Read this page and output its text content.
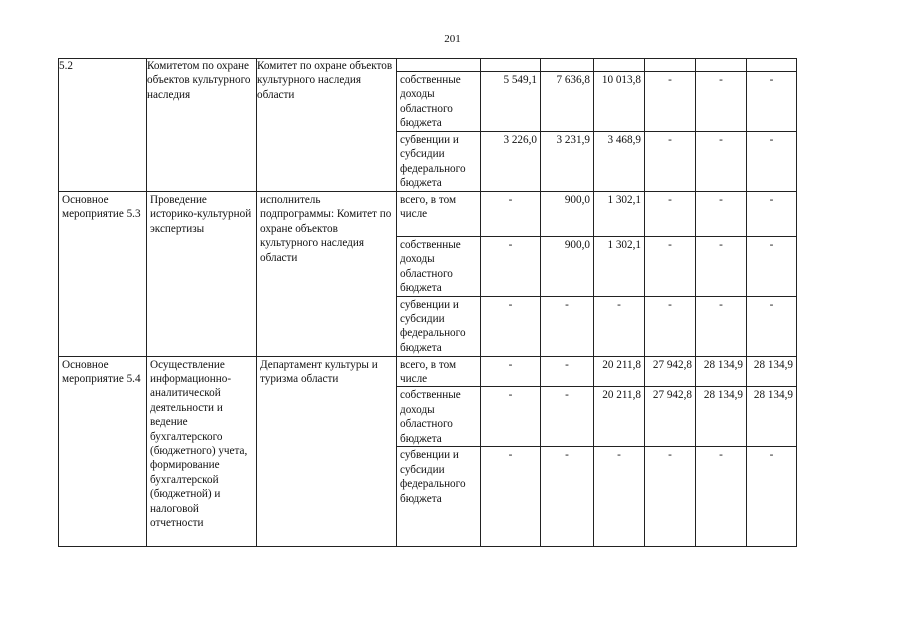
201
5.2	Комитетом по охране объектов культурного наследия	Комитет по охране объектов культурного наследия области							
			собственные доходы областного бюджета	5 549,1	7 636,8	10 013,8	-	-	-
			субвенции и субсидии федерального бюджета	3 226,0	3 231,9	3 468,9	-	-	-
Основное мероприятие 5.3	Проведение историко-культурной экспертизы	исполнитель подпрограммы: Комитет по охране объектов культурного наследия области	всего, в том числе	-	900,0	1 302,1	-	-	-
			собственные доходы областного бюджета	-	900,0	1 302,1	-	-	-
			субвенции и субсидии федерального бюджета	-	-	-	-	-	-
Основное мероприятие 5.4	Осуществление информационно-аналитической деятельности и ведение бухгалтерского (бюджетного) учета, формирование бухгалтерской (бюджетной) и налоговой отчетности	Департамент культуры и туризма области	всего, в том числе	-	-	20 211,8	27 942,8	28 134,9	28 134,9
			собственные доходы областного бюджета	-	-	20 211,8	27 942,8	28 134,9	28 134,9
			субвенции и субсидии федерального бюджета	-	-	-	-	-	-
